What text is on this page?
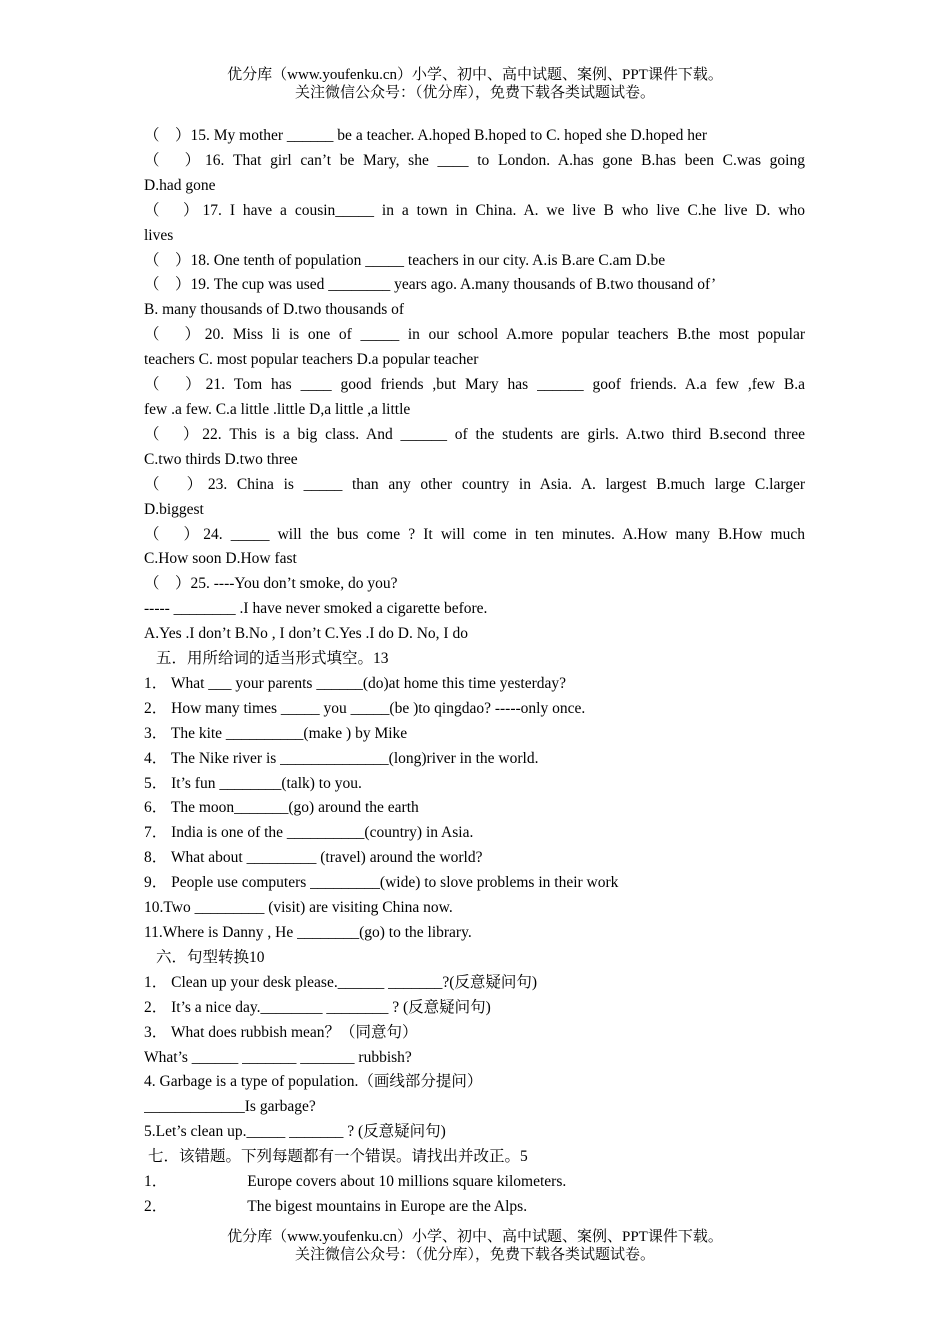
优分库（www.youfenku.cn）小学、初中、高中试题、案例、PPT课件下载。
关注微信公众号：（优分库），免费下载各类试题试卷。
（　）15. My mother ______ be a teacher. A.hoped B.hoped to C. hoped she D.hoped her
（　）16. That girl can’t be Mary, she ____ to London. A.has gone B.has been C.was going
D.had gone
（　）17. I have a cousin_____ in a town in China. A. we live B who live C.he live D. who
lives
（　）18. One tenth of population _____ teachers in our city. A.is B.are C.am D.be
（　）19. The cup was used ________ years ago. A.many thousands of B.two thousand of’
B. many thousands of D.two thousands of
（　）20. Miss li is one of _____ in our school A.more popular teachers B.the most popular
teachers C. most popular teachers D.a popular teacher
（　）21. Tom has ____ good friends ,but Mary has ______ goof friends. A.a few ,few B.a
few .a few. C.a little .little D,a little ,a little
（　）22. This is a big class. And ______ of the students are girls. A.two third B.second three
C.two thirds D.two three
（　）23. China is _____ than any other country in Asia. A. largest B.much large C.larger
D.biggest
（　）24. _____ will the bus come ? It will come in ten minutes. A.How many B.How much
C.How soon D.How fast
（　）25. ----You don’t smoke, do you?
----- ________ .I have never smoked a cigarette before.
A.Yes .I don’t B.No , I don’t C.Yes .I do D. No, I do
五．用所给词的适当形式填空。13
1． What ___ your parents ______(do)at home this time yesterday?
2． How many times _____ you _____(be )to qingdao? -----only once.
3． The kite __________(make ) by Mike
4． The Nike river is ______________(long)river in the world.
5． It’s fun ________(talk) to you.
6． The moon_______(go) around the earth
7． India is one of the __________(country) in Asia.
8． What about _________ (travel) around the world?
9． People use computers _________(wide) to slove problems in their work
10.Two _________ (visit) are visiting China now.
11.Where is Danny , He ________(go) to the library.
六．句型转换10
1． Clean up your desk please.______ _______?(反意疑问句)
2． It’s a nice day.________ ________ ? (反意疑问句)
3． What does rubbish mean？（同意句）
What’s ______ _______ _______ rubbish?
4. Garbage is a type of population.（画线部分提问）
_____________Is garbage?
5.Let’s clean up._____ _______ ? (反意疑问句)
七．该错题。下列每题都有一个错误。请找出并改正。5
1．	Europe covers about 10 millions square kilometers.
2．	The bigest mountains in Europe are the Alps.
优分库（www.youfenku.cn）小学、初中、高中试题、案例、PPT课件下载。
关注微信公众号：（优分库），免费下载各类试题试卷。
